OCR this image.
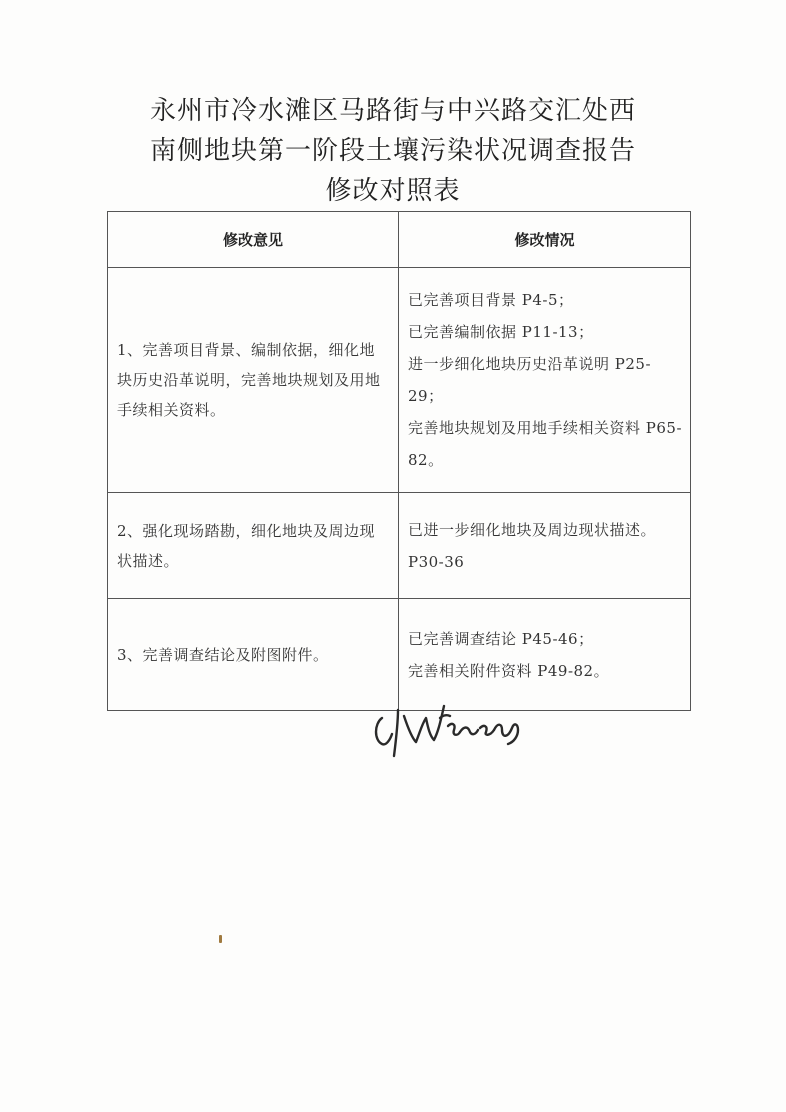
永州市冷水滩区马路街与中兴路交汇处西
南侧地块第一阶段土壤污染状况调查报告
修改对照表
修改意见	修改情况
1、完善项目背景、编制依据，细化地块历史沿革说明，完善地块规划及用地手续相关资料。	已完善项目背景 P4-5；
已完善编制依据 P11-13；
进一步细化地块历史沿革说明 P25-29；
完善地块规划及用地手续相关资料 P65-82。

2、强化现场踏勘，细化地块及周边现状描述。	已进一步细化地块及周边现状描述。P30-36

3、完善调查结论及附图附件。	已完善调查结论 P45-46；
完善相关附件资料 P49-82。
